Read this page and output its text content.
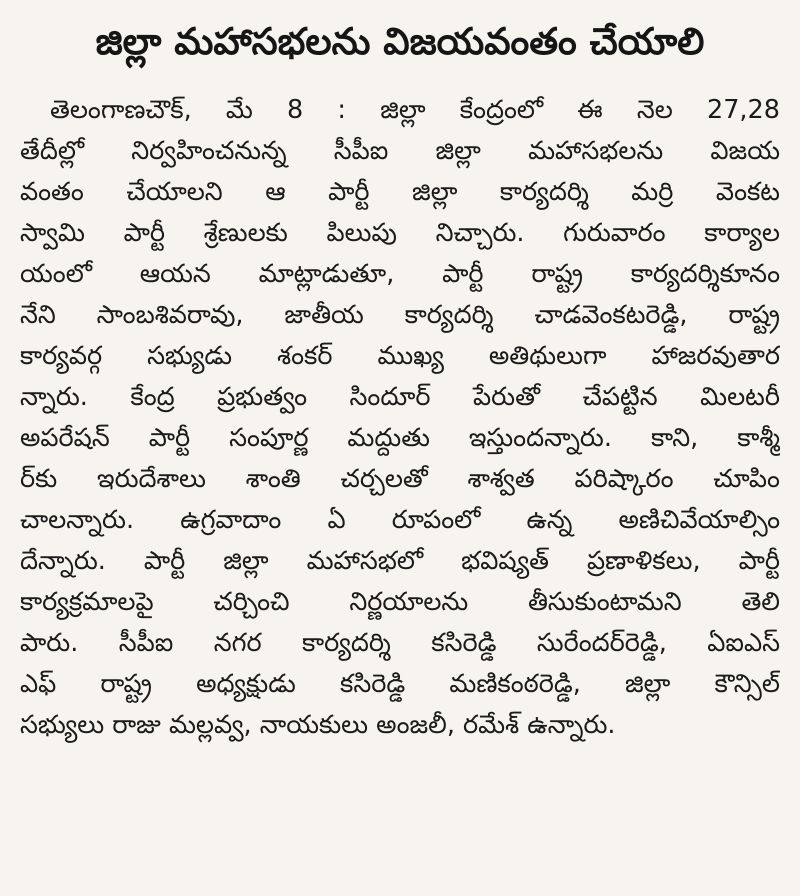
జిల్లా మహాసభలను విజయవంతం చేయాలి
తెలంగాణచౌక్, మే 8 : జిల్లా కేంద్రంలో ఈ నెల 27,28
తేదీల్లో నిర్వహించనున్న సీపీఐ జిల్లా మహాసభలను విజయ
వంతం చేయాలని ఆ పార్టీ జిల్లా కార్యదర్శి మర్రి వెంకట
స్వామి పార్టీ శ్రేణులకు పిలుపు నిచ్చారు. గురువారం కార్యాల
యంలో ఆయన మాట్లాడుతూ, పార్టీ రాష్ట్ర కార్యదర్శికూనం
నేని సాంబశివరావు, జాతీయ కార్యదర్శి చాడవెంకటరెడ్డి, రాష్ట్ర
కార్యవర్గ సభ్యుడు శంకర్ ముఖ్య అతిథులుగా హాజరవుతార
న్నారు. కేంద్ర ప్రభుత్వం సిందూర్ పేరుతో చేపట్టిన మిలటరీ
అపరేషన్ పార్టీ సంపూర్ణ మద్దుతు ఇస్తుందన్నారు. కాని, కాశ్మీ
ర్‌కు ఇరుదేశాలు శాంతి చర్చలతో శాశ్వత పరిష్కారం చూపిం
చాలన్నారు. ఉగ్రవాదాం ఏ రూపంలో ఉన్న అణిచివేయాల్సిం
దేన్నారు. పార్టీ జిల్లా మహాసభలో భవిష్యత్ ప్రణాళికలు, పార్టీ
కార్యక్రమాలపై చర్చించి నిర్ణయాలను తీసుకుంటామని తెలి
పారు. సీపీఐ నగర కార్యదర్శి కసిరెడ్డి సురేందర్‌రెడ్డి, ఏఐఎస్
ఎఫ్ రాష్ట్ర అధ్యక్షుడు కసిరెడ్డి మణికంఠరెడ్డి, జిల్లా కౌన్సిల్
సభ్యులు రాజు మల్లవ్వ, నాయకులు అంజలీ, రమేశ్ ఉన్నారు.
